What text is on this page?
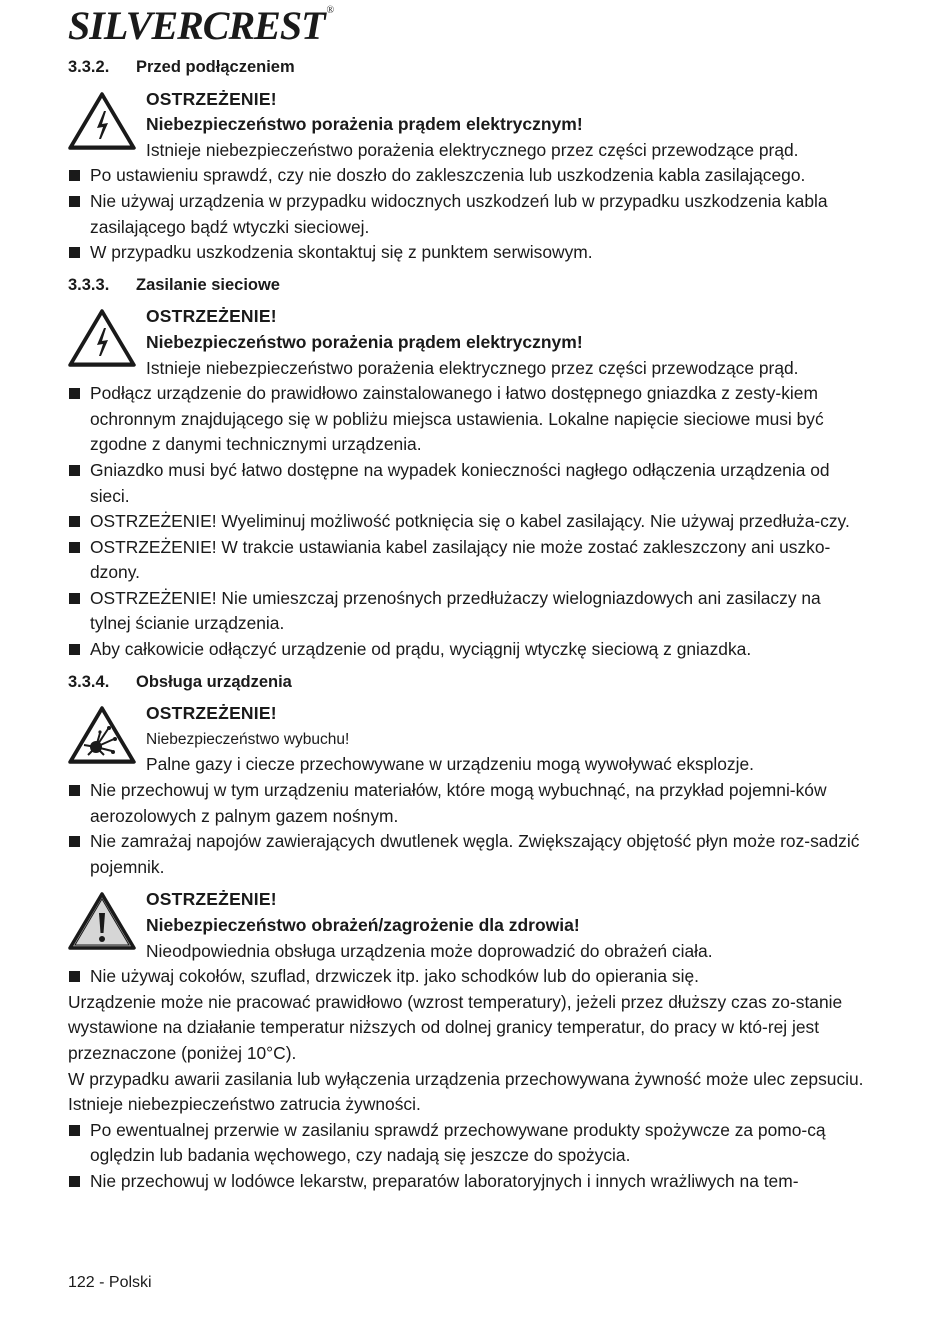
SILVERCREST ®
3.3.2. Przed podłączeniem
OSTRZEŻENIE!
Niebezpieczeństwo porażenia prądem elektrycznym!
Istnieje niebezpieczeństwo porażenia elektrycznego przez części przewodzące prąd.
Po ustawieniu sprawdź, czy nie doszło do zakleszczenia lub uszkodzenia kabla zasilającego.
Nie używaj urządzenia w przypadku widocznych uszkodzeń lub w przypadku uszkodzenia kabla zasilającego bądź wtyczki sieciowej.
W przypadku uszkodzenia skontaktuj się z punktem serwisowym.
3.3.3. Zasilanie sieciowe
OSTRZEŻENIE!
Niebezpieczeństwo porażenia prądem elektrycznym!
Istnieje niebezpieczeństwo porażenia elektrycznego przez części przewodzące prąd.
Podłącz urządzenie do prawidłowo zainstalowanego i łatwo dostępnego gniazdka z zesty-kiem ochronnym znajdującego się w pobliżu miejsca ustawienia. Lokalne napięcie sieciowe musi być zgodne z danymi technicznymi urządzenia.
Gniazdko musi być łatwo dostępne na wypadek konieczności nagłego odłączenia urządzenia od sieci.
OSTRZEŻENIE! Wyeliminuj możliwość potknięcia się o kabel zasilający. Nie używaj przedłuża-czy.
OSTRZEŻENIE! W trakcie ustawiania kabel zasilający nie może zostać zakleszczony ani uszko-dzony.
OSTRZEŻENIE! Nie umieszczaj przenośnych przedłużaczy wielogniazdowych ani zasilaczy na tylnej ścianie urządzenia.
Aby całkowicie odłączyć urządzenie od prądu, wyciągnij wtyczkę sieciową z gniazdka.
3.3.4. Obsługa urządzenia
OSTRZEŻENIE!
Niebezpieczeństwo wybuchu!
Palne gazy i ciecze przechowywane w urządzeniu mogą wywoływać eksplozje.
Nie przechowuj w tym urządzeniu materiałów, które mogą wybuchnąć, na przykład pojemni-ków aerozolowych z palnym gazem nośnym.
Nie zamrażaj napojów zawierających dwutlenek węgla. Zwiększający objętość płyn może roz-sadzić pojemnik.
OSTRZEŻENIE!
Niebezpieczeństwo obrażeń/zagrożenie dla zdrowia!
Nieodpowiednia obsługa urządzenia może doprowadzić do obrażeń ciała.
Nie używaj cokołów, szuflad, drzwiczek itp. jako schodków lub do opierania się.

Urządzenie może nie pracować prawidłowo (wzrost temperatury), jeżeli przez dłuższy czas zo-stanie wystawione na działanie temperatur niższych od dolnej granicy temperatur, do pracy w któ-rej jest przeznaczone (poniżej 10°C).

W przypadku awarii zasilania lub wyłączenia urządzenia przechowywana żywność może ulec zepsuciu. Istnieje niebezpieczeństwo zatrucia żywności.

Po ewentualnej przerwie w zasilaniu sprawdź przechowywane produkty spożywcze za pomo-cą oględzin lub badania węchowego, czy nadają się jeszcze do spożycia.
Nie przechowuj w lodówce lekarstw, preparatów laboratoryjnych i innych wrażliwych na tem-
122 - Polski
